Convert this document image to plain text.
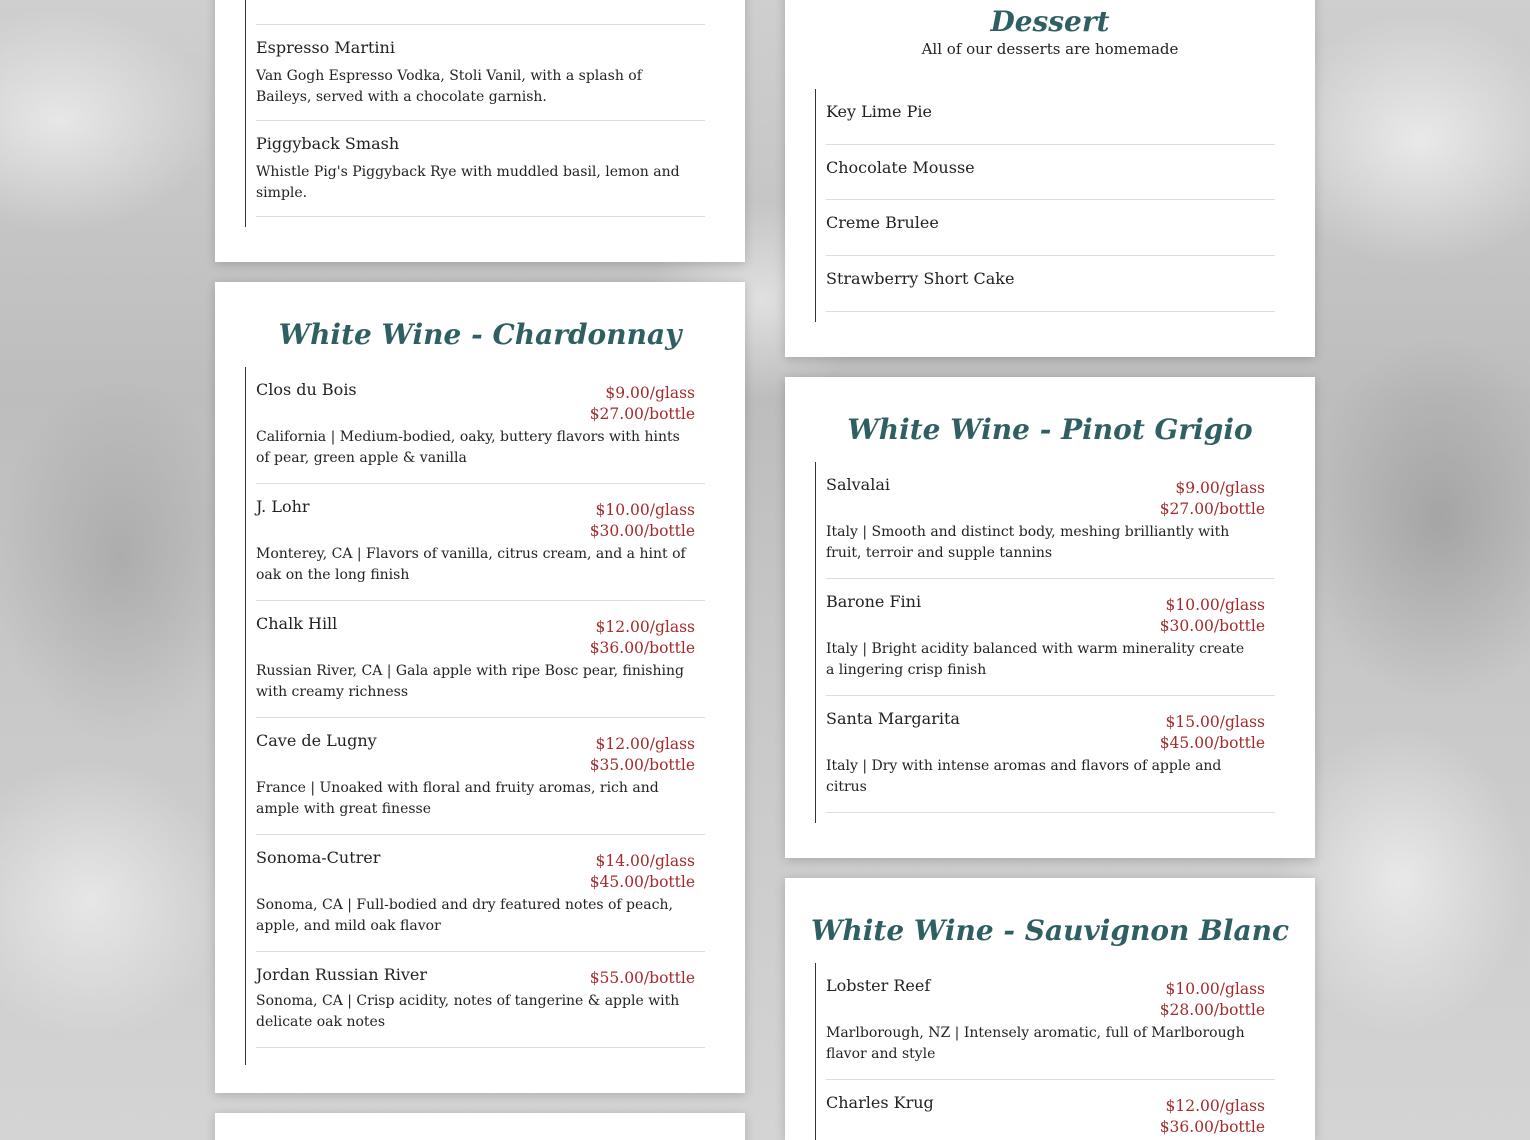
Espresso Martini
Van Gogh Espresso Vodka, Stoli Vanil, with a splash of Baileys, served with a chocolate garnish.
Piggyback Smash
Whistle Pig's Piggyback Rye with muddled basil, lemon and simple.
White Wine - Chardonnay
Clos du Bois	$9.00/glass
$27.00/bottle
California | Medium-bodied, oaky, buttery flavors with hints of pear, green apple & vanilla
J. Lohr	$10.00/glass
$30.00/bottle
Monterey, CA | Flavors of vanilla, citrus cream, and a hint of oak on the long finish
Chalk Hill	$12.00/glass
$36.00/bottle
Russian River, CA | Gala apple with ripe Bosc pear, finishing with creamy richness
Cave de Lugny	$12.00/glass
$35.00/bottle
France | Unoaked with floral and fruity aromas, rich and ample with great finesse
Sonoma-Cutrer	$14.00/glass
$45.00/bottle
Sonoma, CA | Full-bodied and dry featured notes of peach, apple, and mild oak flavor
Jordan Russian River	$55.00/bottle
Sonoma, CA | Crisp acidity, notes of tangerine & apple with delicate oak notes
Dessert

All of our desserts are homemade

Key Lime Pie
Chocolate Mousse
Creme Brulee
Strawberry Short Cake
White Wine - Pinot Grigio
Salvalai	$9.00/glass
$27.00/bottle
Italy | Smooth and distinct body, meshing brilliantly with fruit, terroir and supple tannins
Barone Fini	$10.00/glass
$30.00/bottle
Italy | Bright acidity balanced with warm minerality create a lingering crisp finish
Santa Margarita	$15.00/glass
$45.00/bottle
Italy | Dry with intense aromas and flavors of apple and citrus
White Wine - Sauvignon Blanc
Lobster Reef	$10.00/glass
$28.00/bottle
Marlborough, NZ | Intensely aromatic, full of Marlborough flavor and style
Charles Krug	$12.00/glass
$36.00/bottle
